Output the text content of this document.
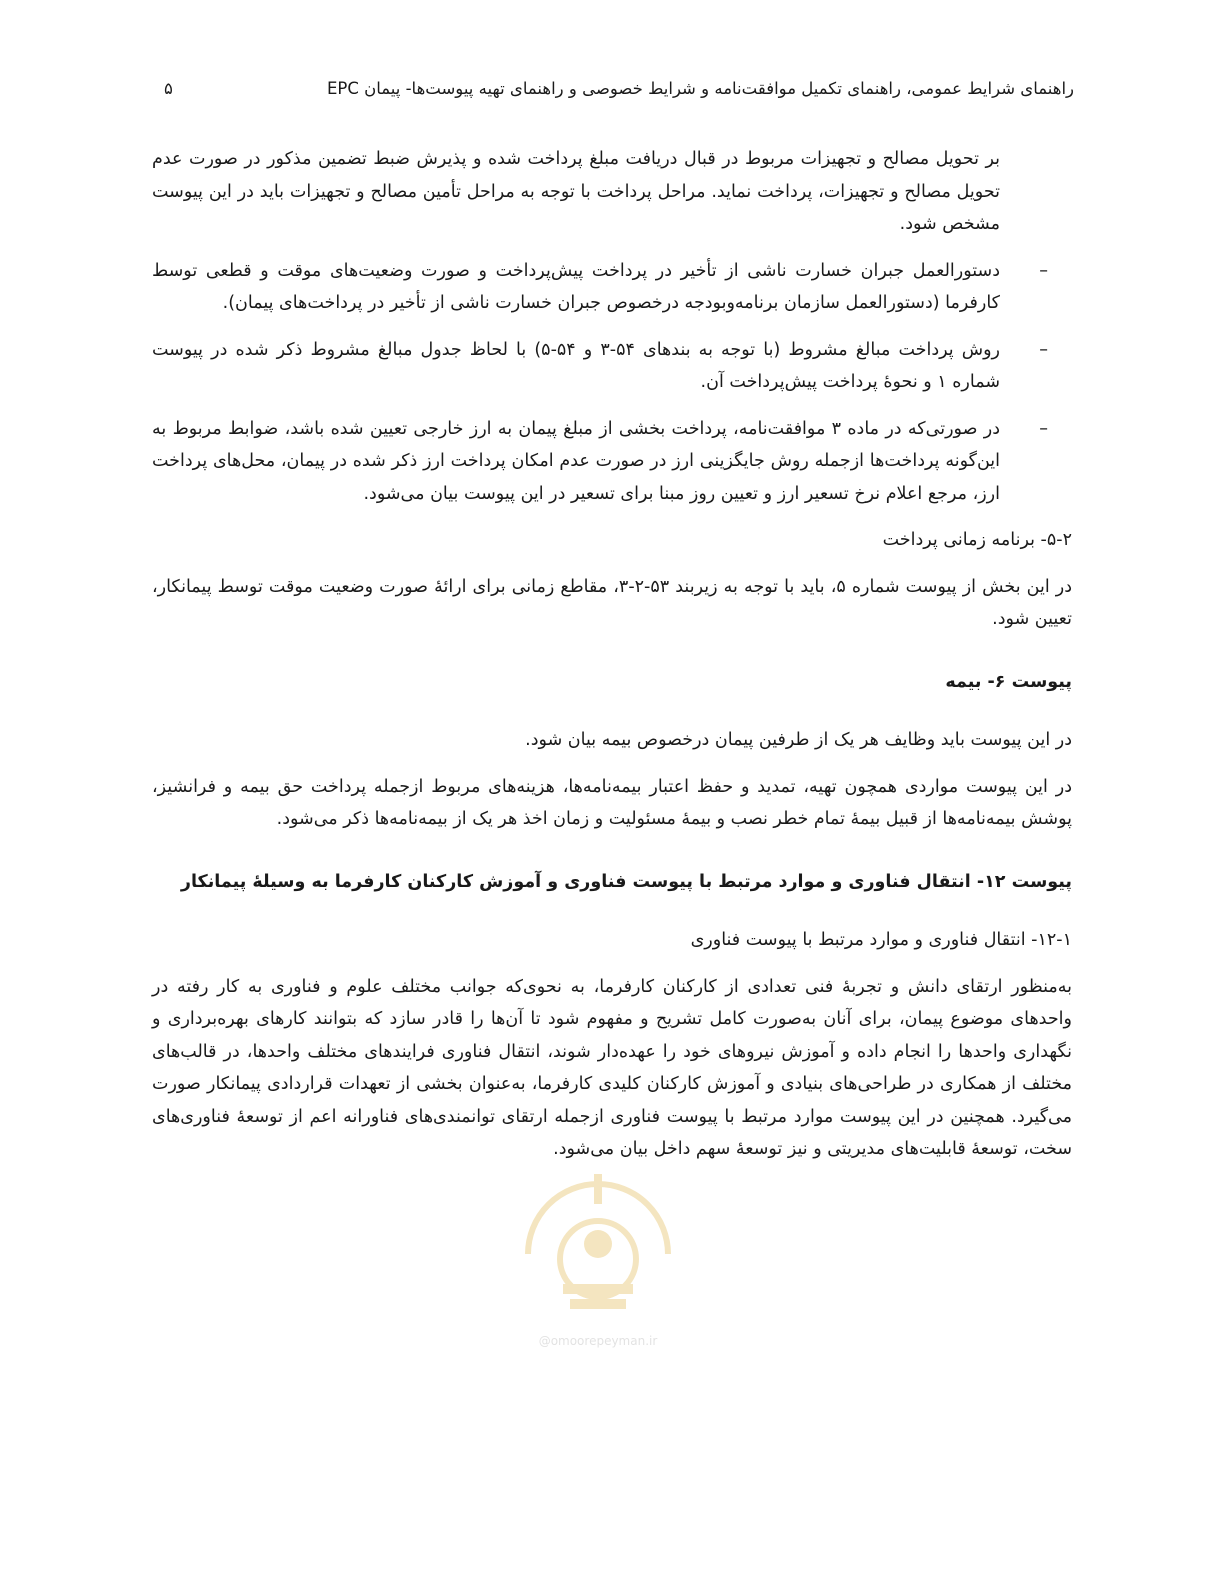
راهنمای شرایط عمومی، راهنمای تکمیل موافقت‌نامه و شرایط خصوصی و راهنمای تهیه پیوست‌ها- پیمان EPC
۵

بر تحویل مصالح و تجهیزات مربوط در قبال دریافت مبلغ پرداخت شده و پذیرش ضبط تضمین مذکور در صورت عدم تحویل مصالح و تجهیزات، پرداخت نماید. مراحل پرداخت با توجه به مراحل تأمین مصالح و تجهیزات باید در این پیوست مشخص شود.

–
دستورالعمل جبران خسارت ناشی از تأخیر در پرداخت پیش‌پرداخت و صورت وضعیت‌های موقت و قطعی توسط کارفرما (دستورالعمل سازمان برنامه‌وبودجه درخصوص جبران خسارت ناشی از تأخیر در پرداخت‌های پیمان).
–
روش پرداخت مبالغ مشروط (با توجه به بندهای ۵۴-۳ و ۵۴-۵) با لحاظ جدول مبالغ مشروط ذکر شده در پیوست شماره ۱ و نحوهٔ پرداخت پیش‌پرداخت آن.
–
در صورتی‌که در ماده ۳ موافقت‌نامه، پرداخت بخشی از مبلغ پیمان به ارز خارجی تعیین شده باشد، ضوابط مربوط به این‌گونه پرداخت‌ها ازجمله روش جایگزینی ارز در صورت عدم امکان پرداخت ارز ذکر شده در پیمان، محل‌های پرداخت ارز، مرجع اعلام نرخ تسعیر ارز و تعیین روز مبنا برای تسعیر در این پیوست بیان می‌شود.

۵-۲- برنامه زمانی پرداخت

در این بخش از پیوست شماره ۵، باید با توجه به زیربند ۵۳-۲-۳، مقاطع زمانی برای ارائهٔ صورت وضعیت موقت توسط پیمانکار، تعیین شود.

پیوست ۶- بیمه

در این پیوست باید وظایف هر یک از طرفین پیمان درخصوص بیمه بیان شود.

در این پیوست مواردی همچون تهیه، تمدید و حفظ اعتبار بیمه‌نامه‌ها، هزینه‌های مربوط ازجمله پرداخت حق بیمه و فرانشیز، پوشش بیمه‌نامه‌ها از قبیل بیمهٔ تمام خطر نصب و بیمهٔ مسئولیت و زمان اخذ هر یک از بیمه‌نامه‌ها ذکر می‌شود.

پیوست ۱۲- انتقال فناوری و موارد مرتبط با پیوست فناوری و آموزش کارکنان کارفرما به وسیلهٔ پیمانکار

۱۲-۱- انتقال فناوری و موارد مرتبط با پیوست فناوری

به‌منظور ارتقای دانش و تجربهٔ فنی تعدادی از کارکنان کارفرما، به نحوی‌که جوانب مختلف علوم و فناوری به کار رفته در واحدهای موضوع پیمان، برای آنان به‌صورت کامل تشریح و مفهوم شود تا آن‌ها را قادر سازد که بتوانند کارهای بهره‌برداری و نگهداری واحدها را انجام داده و آموزش نیروهای خود را عهده‌دار شوند، انتقال فناوری فرایندهای مختلف واحدها، در قالب‌های مختلف از همکاری در طراحی‌های بنیادی و آموزش کارکنان کلیدی کارفرما، به‌عنوان بخشی از تعهدات قراردادی پیمانکار صورت می‌گیرد. همچنین در این پیوست موارد مرتبط با پیوست فناوری ازجمله ارتقای توانمندی‌های فناورانه اعم از توسعهٔ فناوری‌های سخت، توسعهٔ قابلیت‌های مدیریتی و نیز توسعهٔ سهم داخل بیان می‌شود.

@omoorepeyman.ir
